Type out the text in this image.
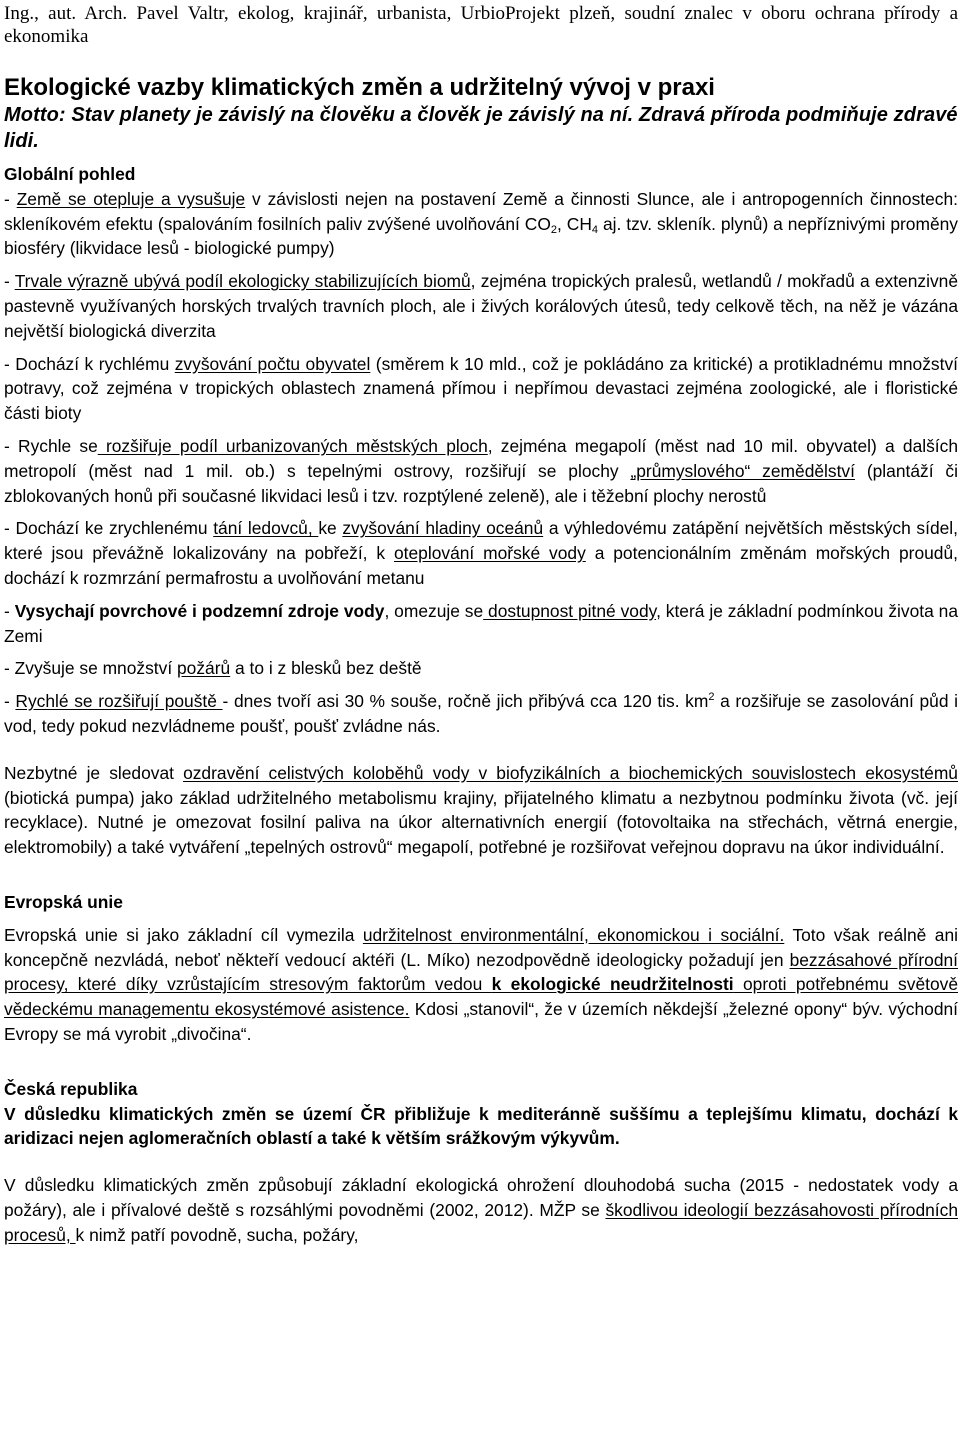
Ing., aut. Arch. Pavel Valtr, ekolog, krajinář, urbanista, UrbioProjekt plzeň, soudní znalec v oboru ochrana přírody a ekonomika

Ekologické vazby klimatických změn a udržitelný vývoj v praxi

Motto: Stav planety je závislý na člověku a člověk je závislý na ní. Zdravá příroda podmiňuje zdravé lidi.

Globální pohled

- Země se otepluje a vysušuje v závislosti nejen na postavení Země a činnosti Slunce, ale i antropogenních činnostech: skleníkovém efektu (spalováním fosilních paliv zvýšené uvolňování $CO_2$, $CH_4$ aj. tzv. skleník. plynů) a nepříznivými proměny biosféry (likvidace lesů - biologické pumpy)

- Trvale výrazně ubývá podíl ekologicky stabilizujících biomů, zejména tropických pralesů, wetlandů / mokřadů a extenzivně pastevně využívaných horských trvalých travních ploch, ale i živých korálových útesů, tedy celkově těch, na něž je vázána největší biologická diverzita

- Dochází k rychlému zvyšování počtu obyvatel (směrem k 10 mld., což je pokládáno za kritické) a protikladnému množství potravy, což zejména v tropických oblastech znamená přímou i nepřímou devastaci zejména zoologické, ale i floristické části bioty

- Rychle se rozšiřuje podíl urbanizovaných městských ploch, zejména megapolí (měst nad 10 mil. obyvatel) a dalších metropolí (měst nad 1 mil. ob.) s tepelnými ostrovy, rozšiřují se plochy „průmyslového“ zemědělství (plantáží či zblokovaných honů při současné likvidaci lesů i tzv. rozptýlené zeleně), ale i těžební plochy nerostů

- Dochází ke zrychlenému tání ledovců, ke zvyšování hladiny oceánů a výhledovému zatápění největších městských sídel, které jsou převážně lokalizovány na pobřeží, k oteplování mořské vody a potencionálním změnám mořských proudů, dochází k rozmrzání permafrostu a uvolňování metanu

- Vysychají povrchové i podzemní zdroje vody, omezuje se dostupnost pitné vody, která je základní podmínkou života na Zemi

- Zvyšuje se množství požárů a to i z blesků bez deště

- Rychlé se rozšiřují pouště - dnes tvoří asi 30 % souše, ročně jich přibývá cca 120 tis. $km^2$ a rozšiřuje se zasolování půd i vod, tedy pokud nezvládneme poušť, poušť zvládne nás.

Nezbytné je sledovat ozdravění celistvých koloběhů vody v biofyzikálních a biochemických souvislostech ekosystémů (biotická pumpa) jako základ udržitelného metabolismu krajiny, přijatelného klimatu a nezbytnou podmínku života (vč. její recyklace). Nutné je omezovat fosilní paliva na úkor alternativních energií (fotovoltaika na střechách, větrná energie, elektromobily) a také vytváření „tepelných ostrovů“ megapolí, potřebné je rozšiřovat veřejnou dopravu na úkor individuální.

Evropská unie

Evropská unie si jako základní cíl vymezila udržitelnost environmentální, ekonomickou i sociální. Toto však reálně ani koncepčně nezvládá, neboť někteří vedoucí aktéři (L. Míko) nezodpovědně ideologicky požadují jen bezzásahové přírodní procesy, které díky vzrůstajícím stresovým faktorům vedou k ekologické neudržitelnosti oproti potřebnému světově vědeckému managementu ekosystémové asistence. Kdosi „stanovil“, že v územích někdejší „železné opony“ býv. východní Evropy se má vyrobit „divočina“.

Česká republika

V důsledku klimatických změn se území ČR přibližuje k mediteránně suššímu a teplejšímu klimatu, dochází k aridizaci nejen aglomeračních oblastí a také k větším srážkovým výkyvům.

V důsledku klimatických změn způsobují základní ekologická ohrožení dlouhodobá sucha (2015 - nedostatek vody a požáry), ale i přívalové deště s rozsáhlými povodněmi (2002, 2012). MŽP se škodlivou ideologií bezzásahovosti přírodních procesů, k nimž patří povodně, sucha, požáry,
